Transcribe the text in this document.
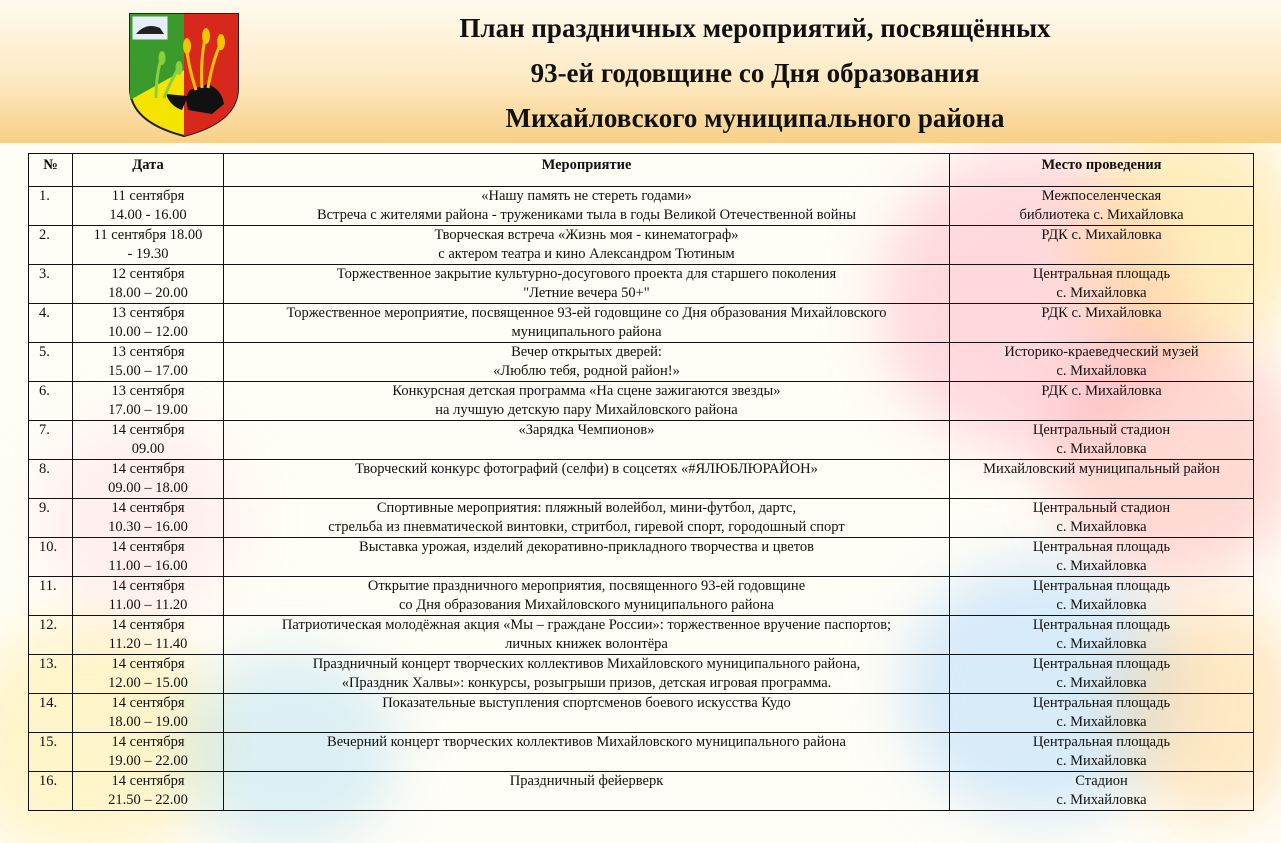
План праздничных мероприятий, посвящённых
93-ей годовщине со Дня образования
Михайловского муниципального района
№	Дата	Мероприятие	Место проведения
1.	11 сентября
14.00 - 16.00	«Нашу память не стереть годами»
Встреча с жителями района - тружениками тыла в годы Великой Отечественной войны	Межпоселенческая
библиотека с. Михайловка

2.	11 сентября 18.00
- 19.30	Творческая встреча «Жизнь моя - кинематограф»
с актером театра и кино Александром Тютиным	РДК с. Михайловка

3.	12 сентября
18.00 – 20.00	Торжественное закрытие культурно-досугового проекта для старшего поколения
"Летние вечера 50+"	Центральная площадь
с. Михайловка

4.	13 сентября
10.00 – 12.00	Торжественное мероприятие, посвященное 93-ей годовщине со Дня образования Михайловского
муниципального района	РДК с. Михайловка

5.	13 сентября
15.00 – 17.00	Вечер открытых дверей:
«Люблю тебя, родной район!»	Историко-краеведческий музей
с. Михайловка

6.	13 сентября
17.00 – 19.00	Конкурсная детская программа «На сцене зажигаются звезды»
на лучшую детскую пару Михайловского района	РДК с. Михайловка

7.	14 сентября
09.00	«Зарядка Чемпионов»	Центральный стадион
с. Михайловка

8.	14 сентября
09.00 – 18.00	Творческий конкурс фотографий (селфи) в соцсетях «#ЯЛЮБЛЮРАЙОН»	Михайловский муниципальный район

9.	14 сентября
10.30 – 16.00	Спортивные мероприятия: пляжный волейбол, мини-футбол, дартс,
стрельба из пневматической винтовки, стритбол, гиревой спорт, городошный спорт	Центральный стадион
с. Михайловка

10.	14 сентября
11.00 – 16.00	Выставка урожая, изделий декоративно-прикладного творчества и цветов	Центральная площадь
с. Михайловка

11.	14 сентября
11.00 – 11.20	Открытие праздничного мероприятия, посвященного 93-ей годовщине
со Дня образования Михайловского муниципального района	Центральная площадь
с. Михайловка

12.	14 сентября
11.20 – 11.40	Патриотическая молодёжная акция «Мы – граждане России»: торжественное вручение паспортов;
личных книжек волонтёра	Центральная площадь
с. Михайловка

13.	14 сентября
12.00 – 15.00	Праздничный концерт творческих коллективов Михайловского муниципального района,
«Праздник Халвы»: конкурсы, розыгрыши призов, детская игровая программа.	Центральная площадь
с. Михайловка

14.	14 сентября
18.00 – 19.00	Показательные выступления спортсменов боевого искусства Кудо	Центральная площадь
с. Михайловка

15.	14 сентября
19.00 – 22.00	Вечерний концерт творческих коллективов Михайловского муниципального района	Центральная площадь
с. Михайловка

16.	14 сентября
21.50 – 22.00	Праздничный фейерверк	Стадион
с. Михайловка
